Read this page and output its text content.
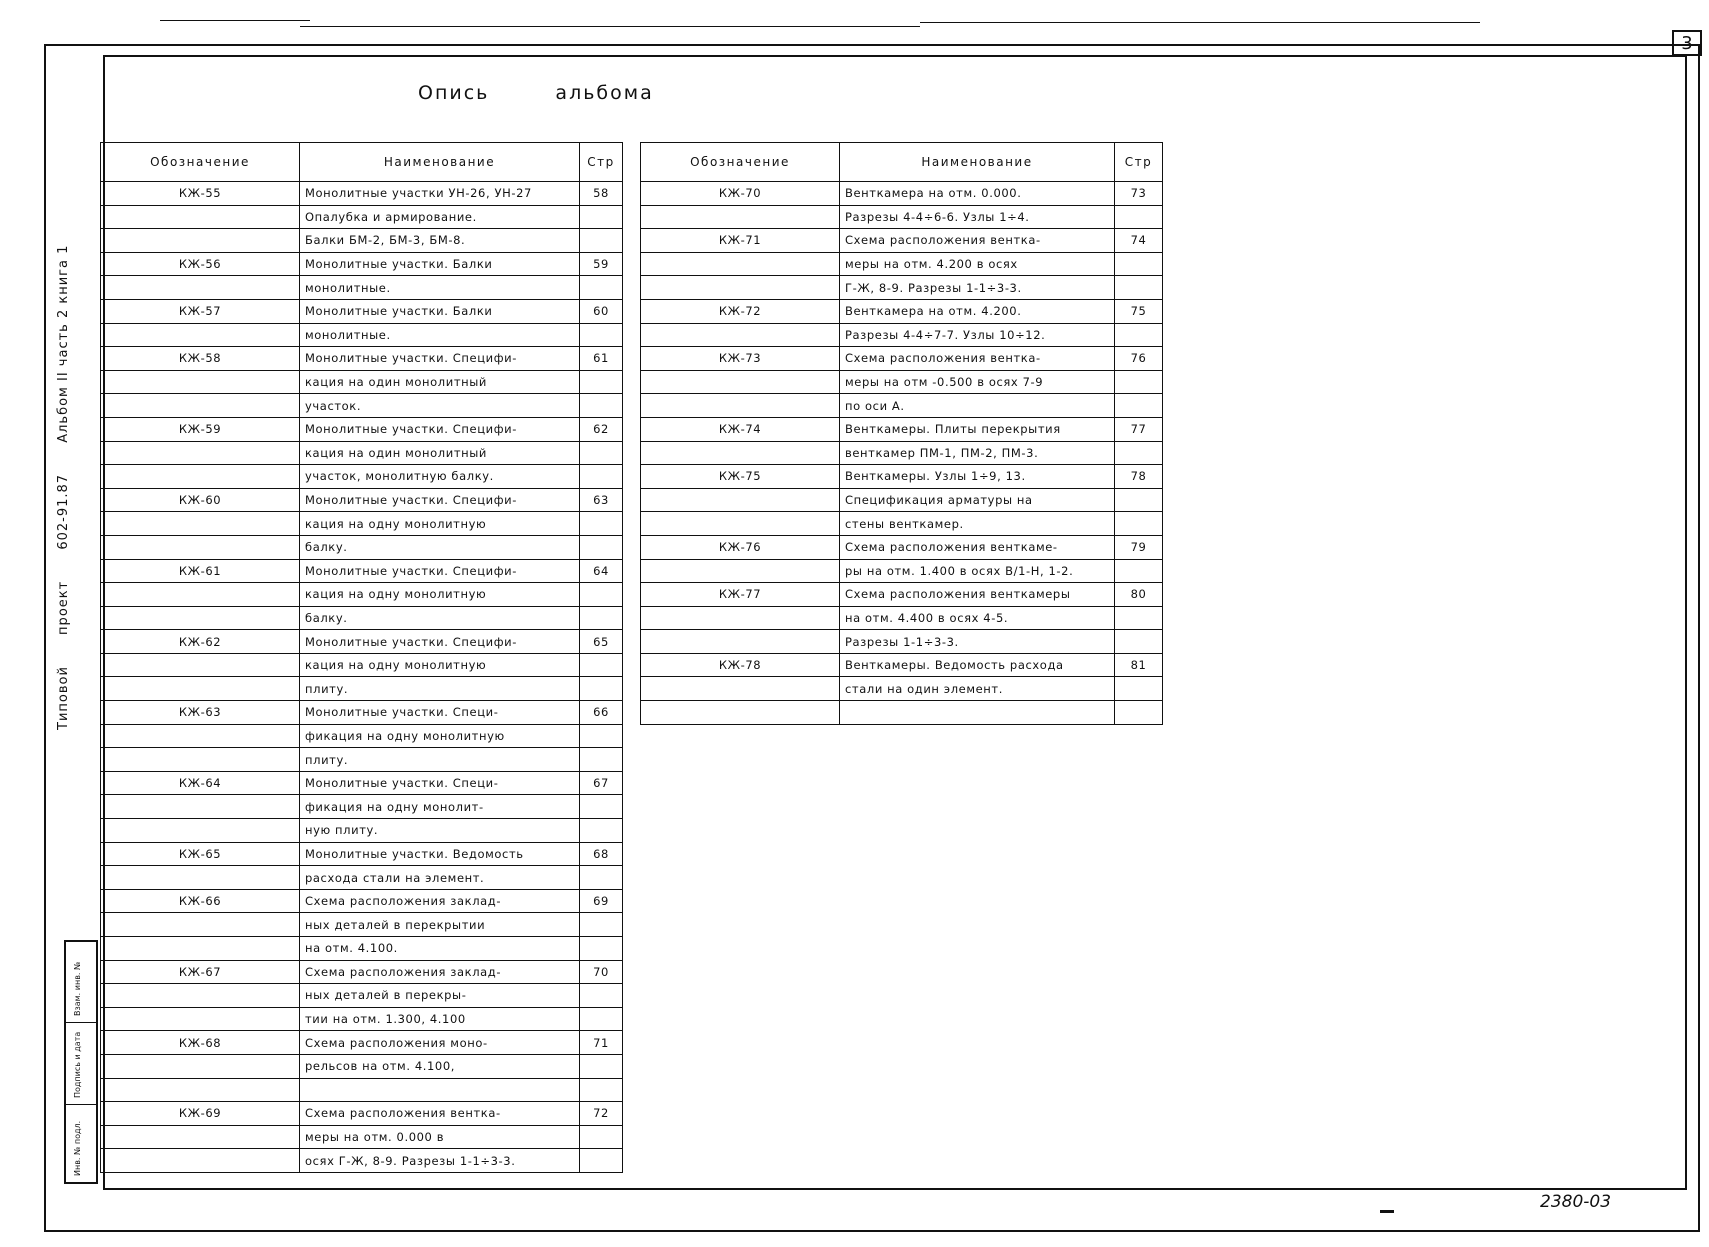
3
Опись	альбома
Типовой проект 602-91.87 Альбом II часть 2 книга 1
Взам. инв. №
Подпись и дата
Инв. № подл.
Обозначение	Наименование	Стр
КЖ-55	Монолитные участки УН-26, УН-27	58
	Опалубка и армирование.	
	Балки БМ-2, БМ-3, БМ-8.	
КЖ-56	Монолитные участки. Балки	59
	монолитные.	
КЖ-57	Монолитные участки. Балки	60
	монолитные.	
КЖ-58	Монолитные участки. Специфи-	61
	кация на один монолитный	
	участок.	
КЖ-59	Монолитные участки. Специфи-	62
	кация на один монолитный	
	участок, монолитную балку.	
КЖ-60	Монолитные участки. Специфи-	63
	кация на одну монолитную	
	балку.	
КЖ-61	Монолитные участки. Специфи-	64
	кация на одну монолитную	
	балку.	
КЖ-62	Монолитные участки. Специфи-	65
	кация на одну монолитную	
	плиту.	
КЖ-63	Монолитные участки. Специ-	66
	фикация на одну монолитную	
	плиту.	
КЖ-64	Монолитные участки. Специ-	67
	фикация на одну монолит-	
	ную плиту.	
КЖ-65	Монолитные участки. Ведомость	68
	расхода стали на элемент.	
КЖ-66	Схема расположения заклад-	69
	ных деталей в перекрытии	
	на отм. 4.100.	
КЖ-67	Схема расположения заклад-	70
	ных деталей в перекры-	
	тии на отм. 1.300, 4.100	
КЖ-68	Схема расположения моно-	71
	рельсов на отм. 4.100,	

КЖ-69	Схема расположения вентка-	72
	меры на отм. 0.000 в	
	осях Г-Ж, 8-9. Разрезы 1-1÷3-3.	
Обозначение	Наименование	Стр
КЖ-70	Венткамера на отм. 0.000.	73
	Разрезы 4-4÷6-6. Узлы 1÷4.	
КЖ-71	Схема расположения вентка-	74
	меры на отм. 4.200 в осях	
	Г-Ж, 8-9. Разрезы 1-1÷3-3.	
КЖ-72	Венткамера на отм. 4.200.	75
	Разрезы 4-4÷7-7. Узлы 10÷12.	
КЖ-73	Схема расположения вентка-	76
	меры на отм -0.500 в осях 7-9	
	по оси А.	
КЖ-74	Венткамеры. Плиты перекрытия	77
	венткамер ПМ-1, ПМ-2, ПМ-3.	
КЖ-75	Венткамеры. Узлы 1÷9, 13.	78
	Спецификация арматуры на	
	стены венткамер.	
КЖ-76	Схема расположения венткаме-	79
	ры на отм. 1.400 в осях В/1-Н, 1-2.	
КЖ-77	Схема расположения венткамеры	80
	на отм. 4.400 в осях 4-5.	
	Разрезы 1-1÷3-3.	
КЖ-78	Венткамеры. Ведомость расхода	81
	стали на один элемент.	

2380-03
